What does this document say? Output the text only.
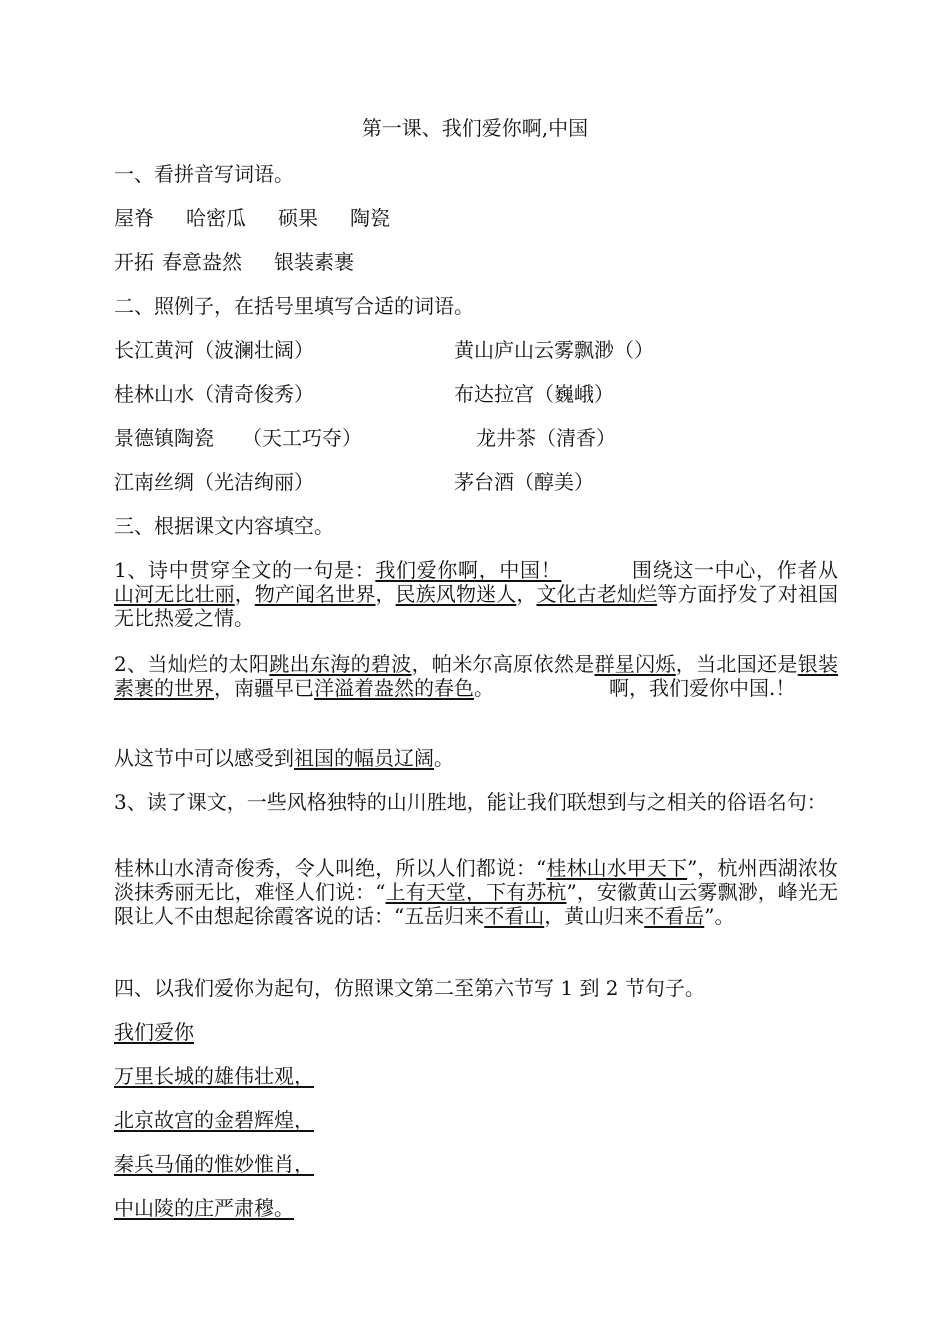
第一课、我们爱你啊,中国
一、看拼音写词语。
屋脊 哈密瓜 硕果 陶瓷
开拓 春意盎然 银装素裹
二、照例子，在括号里填写合适的词语。
长江黄河（波澜壮阔）	黄山庐山云雾飘渺（）
桂林山水（清奇俊秀）	布达拉宫（巍峨）
景德镇陶瓷 （天工巧夺）	龙井茶（清香）
江南丝绸（光洁绚丽）	茅台酒（醇美）
三、根据课文内容填空。
1、诗中贯穿全文的一句是：我们爱你啊，中国！	围绕这一中心，作者从 山河无比壮丽，物产闻名世界，民族风物迷人，文化古老灿烂等方面抒发了对祖国无比热爱之情。
2、当灿烂的太阳跳出东海的碧波，帕米尔高原依然是群星闪烁，当北国还是银装素裹的世界，南疆早已洋溢着盎然的春色。	啊，我们爱你中国.！
从这节中可以感受到祖国的幅员辽阔。
3、读了课文，一些风格独特的山川胜地，能让我们联想到与之相关的俗语名句：
桂林山水清奇俊秀，令人叫绝，所以人们都说：“桂林山水甲天下”，杭州西湖浓妆淡抹秀丽无比，难怪人们说：“上有天堂，下有苏杭”，安徽黄山云雾飘渺，峰光无限让人不由想起徐霞客说的话：“五岳归来不看山，黄山归来不看岳”。
四、以我们爱你为起句，仿照课文第二至第六节写 1 到 2 节句子。
我们爱你
万里长城的雄伟壮观，
北京故宫的金碧辉煌，
秦兵马俑的惟妙惟肖，
中山陵的庄严肃穆。
